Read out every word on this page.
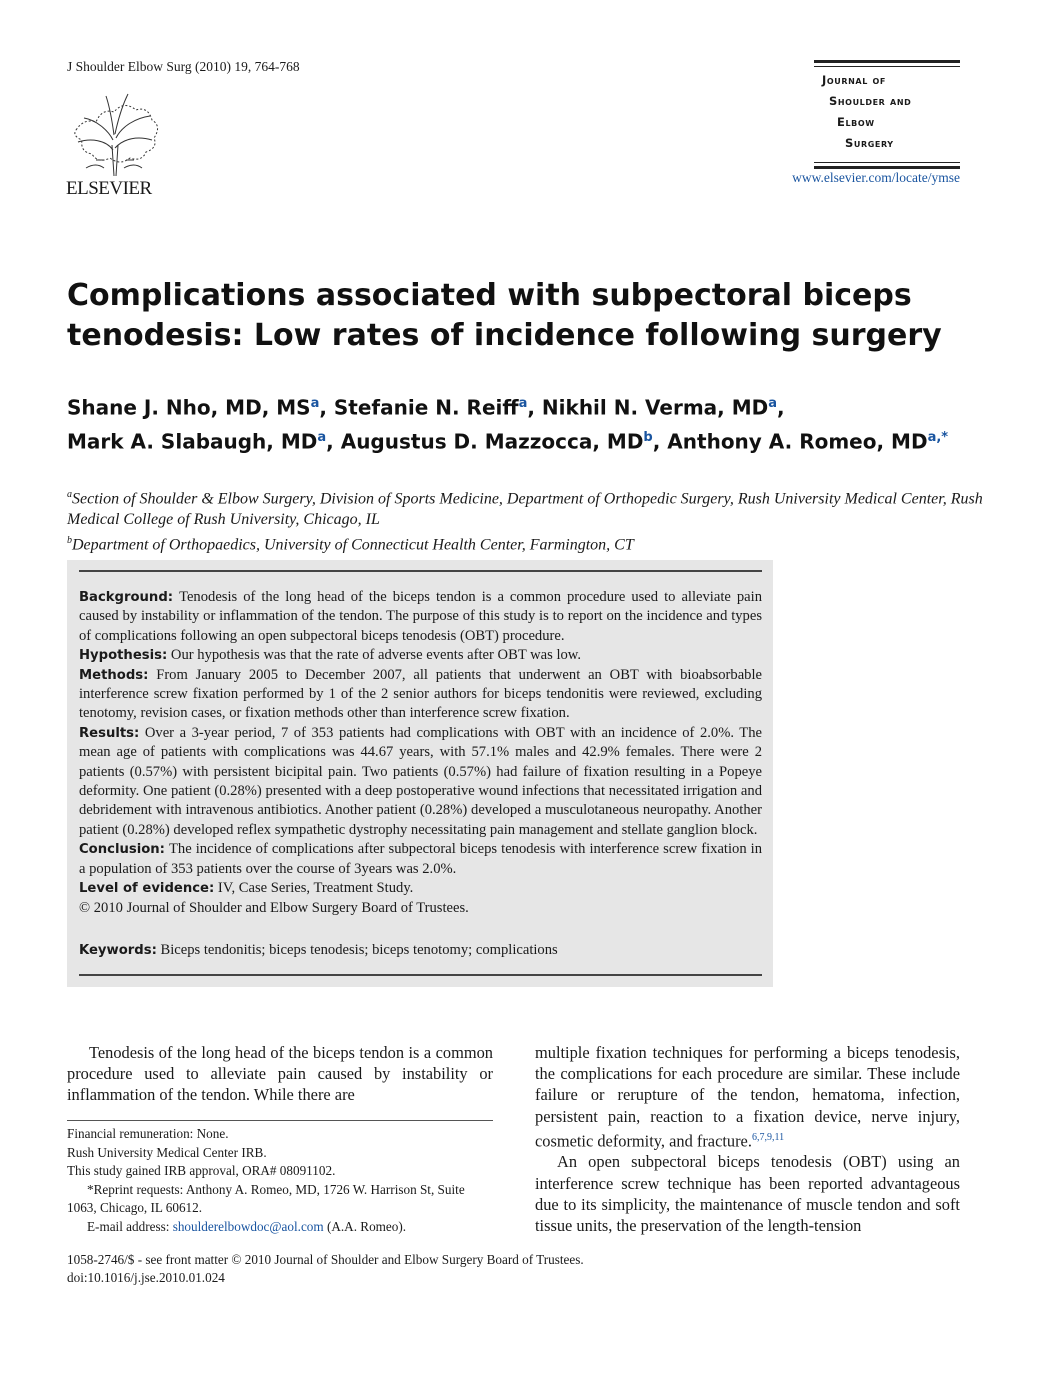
J Shoulder Elbow Surg (2010) 19, 764-768
ELSEVIER
Journal of
Shoulder and
Elbow
Surgery
www.elsevier.com/locate/ymse
Complications associated with subpectoral biceps
tenodesis: Low rates of incidence following surgery
Shane J. Nho, MD, $MS^a$, Stefanie N. Reiff$^a$, Nikhil N. Verma, $MD^a$,
Mark A. Slabaugh, $MD^a$, Augustus D. Mazzocca, $MD^b$, Anthony A. Romeo, $MD^{a,*}$
$^a$Section of Shoulder & Elbow Surgery, Division of Sports Medicine, Department of Orthopedic Surgery, Rush University Medical Center, Rush Medical College of Rush University, Chicago, IL
$^b$Department of Orthopaedics, University of Connecticut Health Center, Farmington, CT
Background: Tenodesis of the long head of the biceps tendon is a common procedure used to alleviate pain caused by instability or inflammation of the tendon. The purpose of this study is to report on the incidence and types of complications following an open subpectoral biceps tenodesis (OBT) procedure.
Hypothesis: Our hypothesis was that the rate of adverse events after OBT was low.
Methods: From January 2005 to December 2007, all patients that underwent an OBT with bioabsorbable interference screw fixation performed by 1 of the 2 senior authors for biceps tendonitis were reviewed, excluding tenotomy, revision cases, or fixation methods other than interference screw fixation.
Results: Over a 3-year period, 7 of 353 patients had complications with OBT with an incidence of 2.0%. The mean age of patients with complications was 44.67 years, with 57.1% males and 42.9% females. There were 2 patients (0.57%) with persistent bicipital pain. Two patients (0.57%) had failure of fixation resulting in a Popeye deformity. One patient (0.28%) presented with a deep postoperative wound infections that necessitated irrigation and debridement with intravenous antibiotics. Another patient (0.28%) developed a musculotaneous neuropathy. Another patient (0.28%) developed reflex sympathetic dystrophy necessitating pain management and stellate ganglion block.
Conclusion: The incidence of complications after subpectoral biceps tenodesis with interference screw fixation in a population of 353 patients over the course of 3years was 2.0%.
Level of evidence: IV, Case Series, Treatment Study.
© 2010 Journal of Shoulder and Elbow Surgery Board of Trustees.
Keywords: Biceps tendonitis; biceps tenodesis; biceps tenotomy; complications
Tenodesis of the long head of the biceps tendon is a common procedure used to alleviate pain caused by instability or inflammation of the tendon. While there are
multiple fixation techniques for performing a biceps tenodesis, the complications for each procedure are similar. These include failure or rerupture of the tendon, hematoma, infection, persistent pain, reaction to a fixation device, nerve injury, cosmetic deformity, and fracture.$^{6,7,9,11}$
An open subpectoral biceps tenodesis (OBT) using an interference screw technique has been reported advantageous due to its simplicity, the maintenance of muscle tendon and soft tissue units, the preservation of the length-tension
Financial remuneration: None.
Rush University Medical Center IRB.
This study gained IRB approval, ORA# 08091102.
*Reprint requests: Anthony A. Romeo, MD, 1726 W. Harrison St, Suite 1063, Chicago, IL 60612.
E-mail address: shoulderelbowdoc@aol.com (A.A. Romeo).
1058-2746/$ - see front matter © 2010 Journal of Shoulder and Elbow Surgery Board of Trustees.
doi:10.1016/j.jse.2010.01.024
